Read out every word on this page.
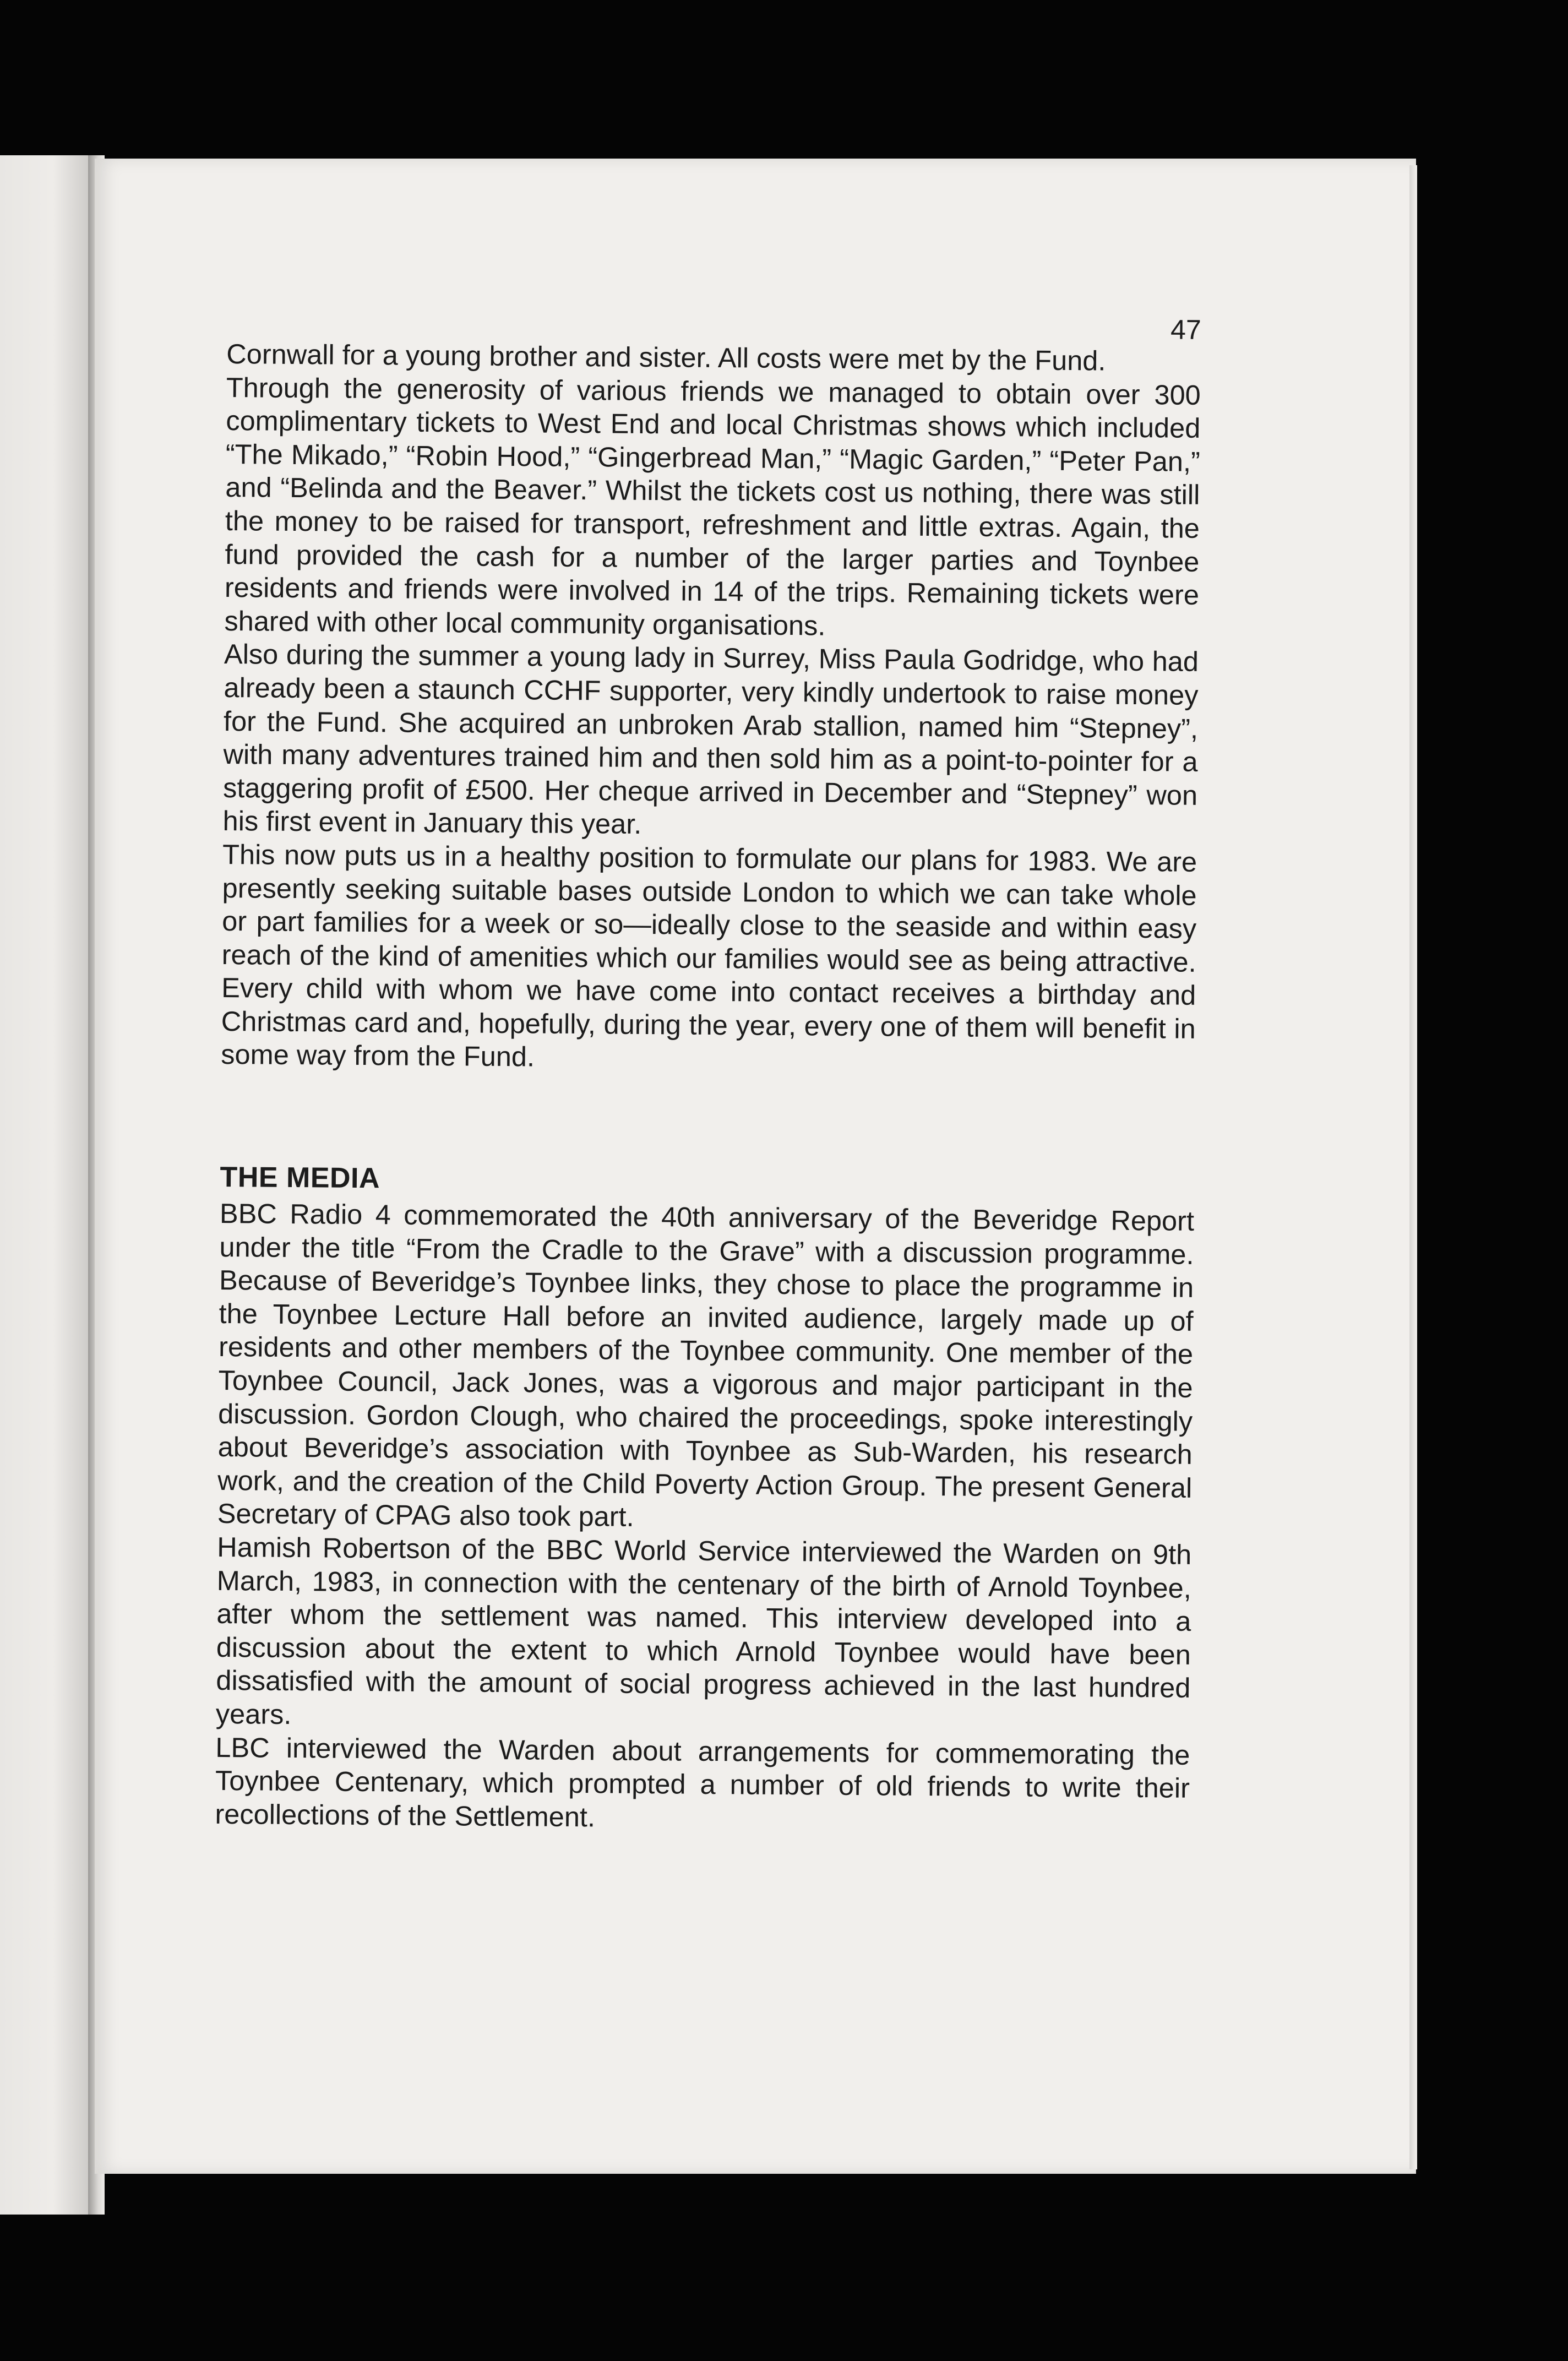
47

Cornwall for a young brother and sister. All costs were met by the Fund.

Through the generosity of various friends we managed to obtain over 300 complimentary tickets to West End and local Christmas shows which included “The Mikado,” “Robin Hood,” “Gingerbread Man,” “Magic Garden,” “Peter Pan,” and “Belinda and the Beaver.” Whilst the tickets cost us nothing, there was still the money to be raised for transport, refreshment and little extras. Again, the fund provided the cash for a number of the larger parties and Toynbee residents and friends were involved in 14 of the trips. Remaining tickets were shared with other local community organisations.

Also during the summer a young lady in Surrey, Miss Paula Godridge, who had already been a staunch CCHF supporter, very kindly undertook to raise money for the Fund. She acquired an unbroken Arab stallion, named him “Stepney”, with many adventures trained him and then sold him as a point-to-pointer for a staggering profit of £500. Her cheque arrived in December and “Stepney” won his first event in January this year.

This now puts us in a healthy position to formulate our plans for 1983. We are presently seeking suitable bases outside London to which we can take whole or part families for a week or so—ideally close to the seaside and within easy reach of the kind of amenities which our families would see as being attractive. Every child with whom we have come into contact receives a birthday and Christmas card and, hopefully, during the year, every one of them will benefit in some way from the Fund.

THE MEDIA

BBC Radio 4 commemorated the 40th anniversary of the Beveridge Report under the title “From the Cradle to the Grave” with a discussion programme. Because of Beveridge’s Toynbee links, they chose to place the programme in the Toynbee Lecture Hall before an invited audience, largely made up of residents and other members of the Toynbee community. One member of the Toynbee Council, Jack Jones, was a vigorous and major participant in the discussion. Gordon Clough, who chaired the proceedings, spoke interestingly about Beveridge’s association with Toynbee as Sub-Warden, his research work, and the creation of the Child Poverty Action Group. The present General Secretary of CPAG also took part.

Hamish Robertson of the BBC World Service interviewed the Warden on 9th March, 1983, in connection with the centenary of the birth of Arnold Toynbee, after whom the settlement was named. This interview developed into a discussion about the extent to which Arnold Toynbee would have been dissatisfied with the amount of social progress achieved in the last hundred years.

LBC interviewed the Warden about arrangements for commemorating the Toynbee Centenary, which prompted a number of old friends to write their recollections of the Settlement.
